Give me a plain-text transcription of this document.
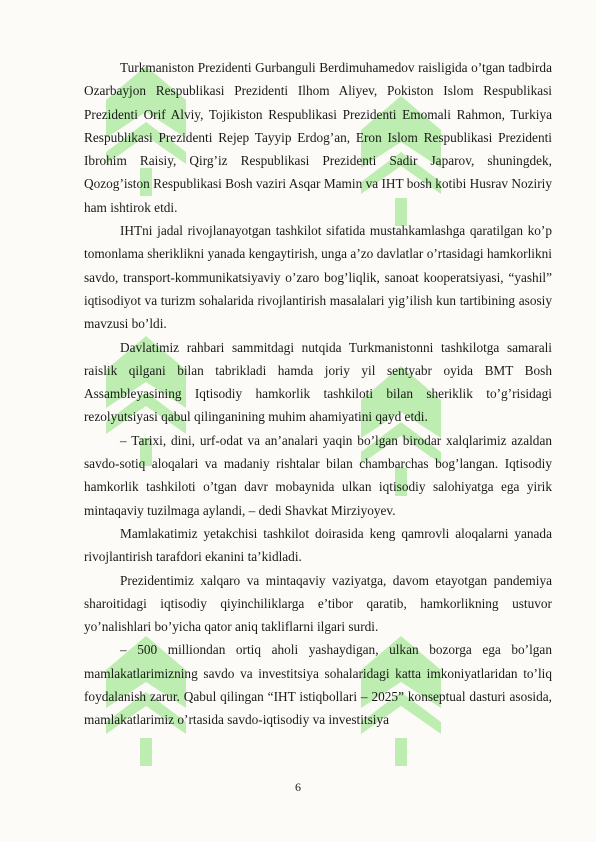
Turkmaniston Prezidenti Gurbanguli Berdimuhamedov raisligida o’tgan tadbirda Ozarbayjon Respublikasi Prezidenti Ilhom Aliyev, Pokiston Islom Respublikasi Prezidenti Orif Alviy, Tojikiston Respublikasi Prezidenti Emomali Rahmon, Turkiya Respublikasi Prezidenti Rejep Tayyip Erdog’an, Eron Islom Respublikasi Prezidenti Ibrohim Raisiy, Qirg’iz Respublikasi Prezidenti Sadir Japarov, shuningdek, Qozog’iston Respublikasi Bosh vaziri Asqar Mamin va IHT bosh kotibi Husrav Noziriy ham ishtirok etdi.

IHTni jadal rivojlanayotgan tashkilot sifatida mustahkamlashga qaratilgan ko’p tomonlama sheriklikni yanada kengaytirish, unga a’zo davlatlar o’rtasidagi hamkorlikni savdo, transport-kommunikatsiyaviy o’zaro bog’liqlik, sanoat kooperatsiyasi, “yashil” iqtisodiyot va turizm sohalarida rivojlantirish masalalari yig’ilish kun tartibining asosiy mavzusi bo’ldi.

Davlatimiz rahbari sammitdagi nutqida Turkmanistonni tashkilotga samarali raislik qilgani bilan tabrikladi hamda joriy yil sentyabr oyida BMT Bosh Assambleyasining Iqtisodiy hamkorlik tashkiloti bilan sheriklik to’g’risidagi rezolyutsiyasi qabul qilinganining muhim ahamiyatini qayd etdi.

– Tarixi, dini, urf-odat va an’analari yaqin bo’lgan birodar xalqlarimiz azaldan savdo-sotiq aloqalari va madaniy rishtalar bilan chambarchas bog’langan. Iqtisodiy hamkorlik tashkiloti o’tgan davr mobaynida ulkan iqtisodiy salohiyatga ega yirik mintaqaviy tuzilmaga aylandi, – dedi Shavkat Mirziyoyev.

Mamlakatimiz yetakchisi tashkilot doirasida keng qamrovli aloqalarni yanada rivojlantirish tarafdori ekanini ta’kidladi.

Prezidentimiz xalqaro va mintaqaviy vaziyatga, davom etayotgan pandemiya sharoitidagi iqtisodiy qiyinchiliklarga e’tibor qaratib, hamkorlikning ustuvor yo’nalishlari bo’yicha qator aniq takliflarni ilgari surdi.

– 500 milliondan ortiq aholi yashaydigan, ulkan bozorga ega bo’lgan mamlakatlarimizning savdo va investitsiya sohalaridagi katta imkoniyatlaridan to’liq foydalanish zarur. Qabul qilingan “IHT istiqbollari – 2025” konseptual dasturi asosida, mamlakatlarimiz o’rtasida savdo-iqtisodiy va investitsiya

6
